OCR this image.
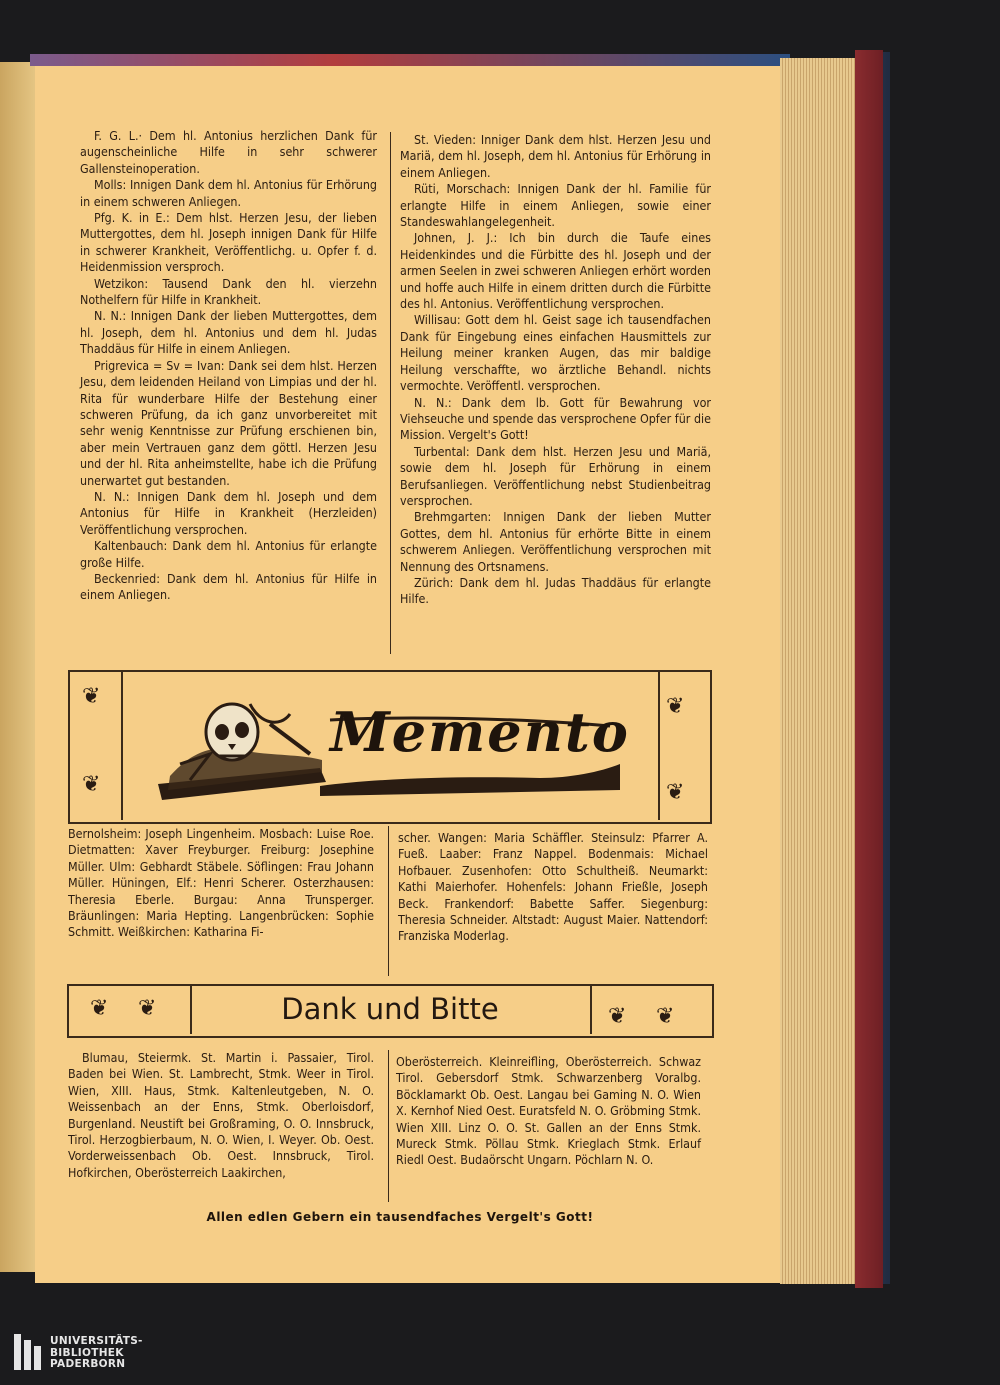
F. G. L.· Dem hl. Antonius herzlichen Dank für augenscheinliche Hilfe in sehr schwerer Gallensteinoperation.

Molls: Innigen Dank dem hl. Antonius für Erhörung in einem schweren Anliegen.

Pfg. K. in E.: Dem hlst. Herzen Jesu, der lieben Muttergottes, dem hl. Joseph innigen Dank für Hilfe in schwerer Krankheit, Veröffentlichg. u. Opfer f. d. Heidenmission versproch.

Wetzikon: Tausend Dank den hl. vierzehn Nothelfern für Hilfe in Krankheit.

N. N.: Innigen Dank der lieben Muttergottes, dem hl. Joseph, dem hl. Antonius und dem hl. Judas Thaddäus für Hilfe in einem Anliegen.

Prigrevica = Sv = Ivan: Dank sei dem hlst. Herzen Jesu, dem leidenden Heiland von Limpias und der hl. Rita für wunderbare Hilfe der Bestehung einer schweren Prüfung, da ich ganz unvorbereitet mit sehr wenig Kenntnisse zur Prüfung erschienen bin, aber mein Vertrauen ganz dem göttl. Herzen Jesu und der hl. Rita anheimstellte, habe ich die Prüfung unerwartet gut bestanden.

N. N.: Innigen Dank dem hl. Joseph und dem Antonius für Hilfe in Krankheit (Herzleiden) Veröffentlichung versprochen.

Kaltenbauch: Dank dem hl. Antonius für erlangte große Hilfe.

Beckenried: Dank dem hl. Antonius für Hilfe in einem Anliegen.

St. Vieden: Inniger Dank dem hlst. Herzen Jesu und Mariä, dem hl. Joseph, dem hl. Antonius für Erhörung in einem Anliegen.

Rüti, Morschach: Innigen Dank der hl. Familie für erlangte Hilfe in einem Anliegen, sowie einer Standeswahlangelegenheit.

Johnen, J. J.: Ich bin durch die Taufe eines Heidenkindes und die Fürbitte des hl. Joseph und der armen Seelen in zwei schweren Anliegen erhört worden und hoffe auch Hilfe in einem dritten durch die Fürbitte des hl. Antonius. Veröffentlichung versprochen.

Willisau: Gott dem hl. Geist sage ich tausendfachen Dank für Eingebung eines einfachen Hausmittels zur Heilung meiner kranken Augen, das mir baldige Heilung verschaffte, wo ärztliche Behandl. nichts vermochte. Veröffentl. versprochen.

N. N.: Dank dem lb. Gott für Bewahrung vor Viehseuche und spende das versprochene Opfer für die Mission. Vergelt's Gott!

Turbental: Dank dem hlst. Herzen Jesu und Mariä, sowie dem hl. Joseph für Erhörung in einem Berufsanliegen. Veröffentlichung nebst Studienbeitrag versprochen.

Brehmgarten: Innigen Dank der lieben Mutter Gottes, dem hl. Antonius für erhörte Bitte in einem schwerem Anliegen. Veröffentlichung versprochen mit Nennung des Ortsnamens.

Zürich: Dank dem hl. Judas Thaddäus für erlangte Hilfe.

❦
❦
❦
❦
Memento

Bernolsheim: Joseph Lingenheim. Mosbach: Luise Roe. Dietmatten: Xaver Freyburger. Freiburg: Josephine Müller. Ulm: Gebhardt Stäbele. Söflingen: Frau Johann Müller. Hüningen, Elf.: Henri Scherer. Osterzhausen: Theresia Eberle. Burgau: Anna Trunsperger. Bräunlingen: Maria Hepting. Langenbrücken: Sophie Schmitt. Weißkirchen: Katharina Fi-

scher. Wangen: Maria Schäffler. Steinsulz: Pfarrer A. Fueß. Laaber: Franz Nappel. Bodenmais: Michael Hofbauer. Zusenhofen: Otto Schultheiß. Neumarkt: Kathi Maierhofer. Hohenfels: Johann Frießle, Joseph Beck. Frankendorf: Babette Saffer. Siegenburg: Theresia Schneider. Altstadt: August Maier. Nattendorf: Franziska Moderlag.

❦ ❦	❦ ❦
Dank und Bitte

Blumau, Steiermk. St. Martin i. Passaier, Tirol. Baden bei Wien. St. Lambrecht, Stmk. Weer in Tirol. Wien, XIII. Haus, Stmk. Kaltenleutgeben, N. O. Weissenbach an der Enns, Stmk. Oberloisdorf, Burgenland. Neustift bei Großraming, O. O. Innsbruck, Tirol. Herzogbierbaum, N. O. Wien, I. Weyer. Ob. Oest. Vorderweissenbach Ob. Oest. Innsbruck, Tirol. Hofkirchen, Oberösterreich Laakirchen,

Oberösterreich. Kleinreifling, Oberösterreich. Schwaz Tirol. Gebersdorf Stmk. Schwarzenberg Voralbg. Böcklamarkt Ob. Oest. Langau bei Gaming N. O. Wien X. Kernhof Nied Oest. Euratsfeld N. O. Gröbming Stmk. Wien XIII. Linz O. O. St. Gallen an der Enns Stmk. Mureck Stmk. Pöllau Stmk. Krieglach Stmk. Erlauf Riedl Oest. Budaörscht Ungarn. Pöchlarn N. O.

Allen edlen Gebern ein tausendfaches Vergelt's Gott!
UNIVERSITÄTS-
BIBLIOTHEK
PADERBORN
